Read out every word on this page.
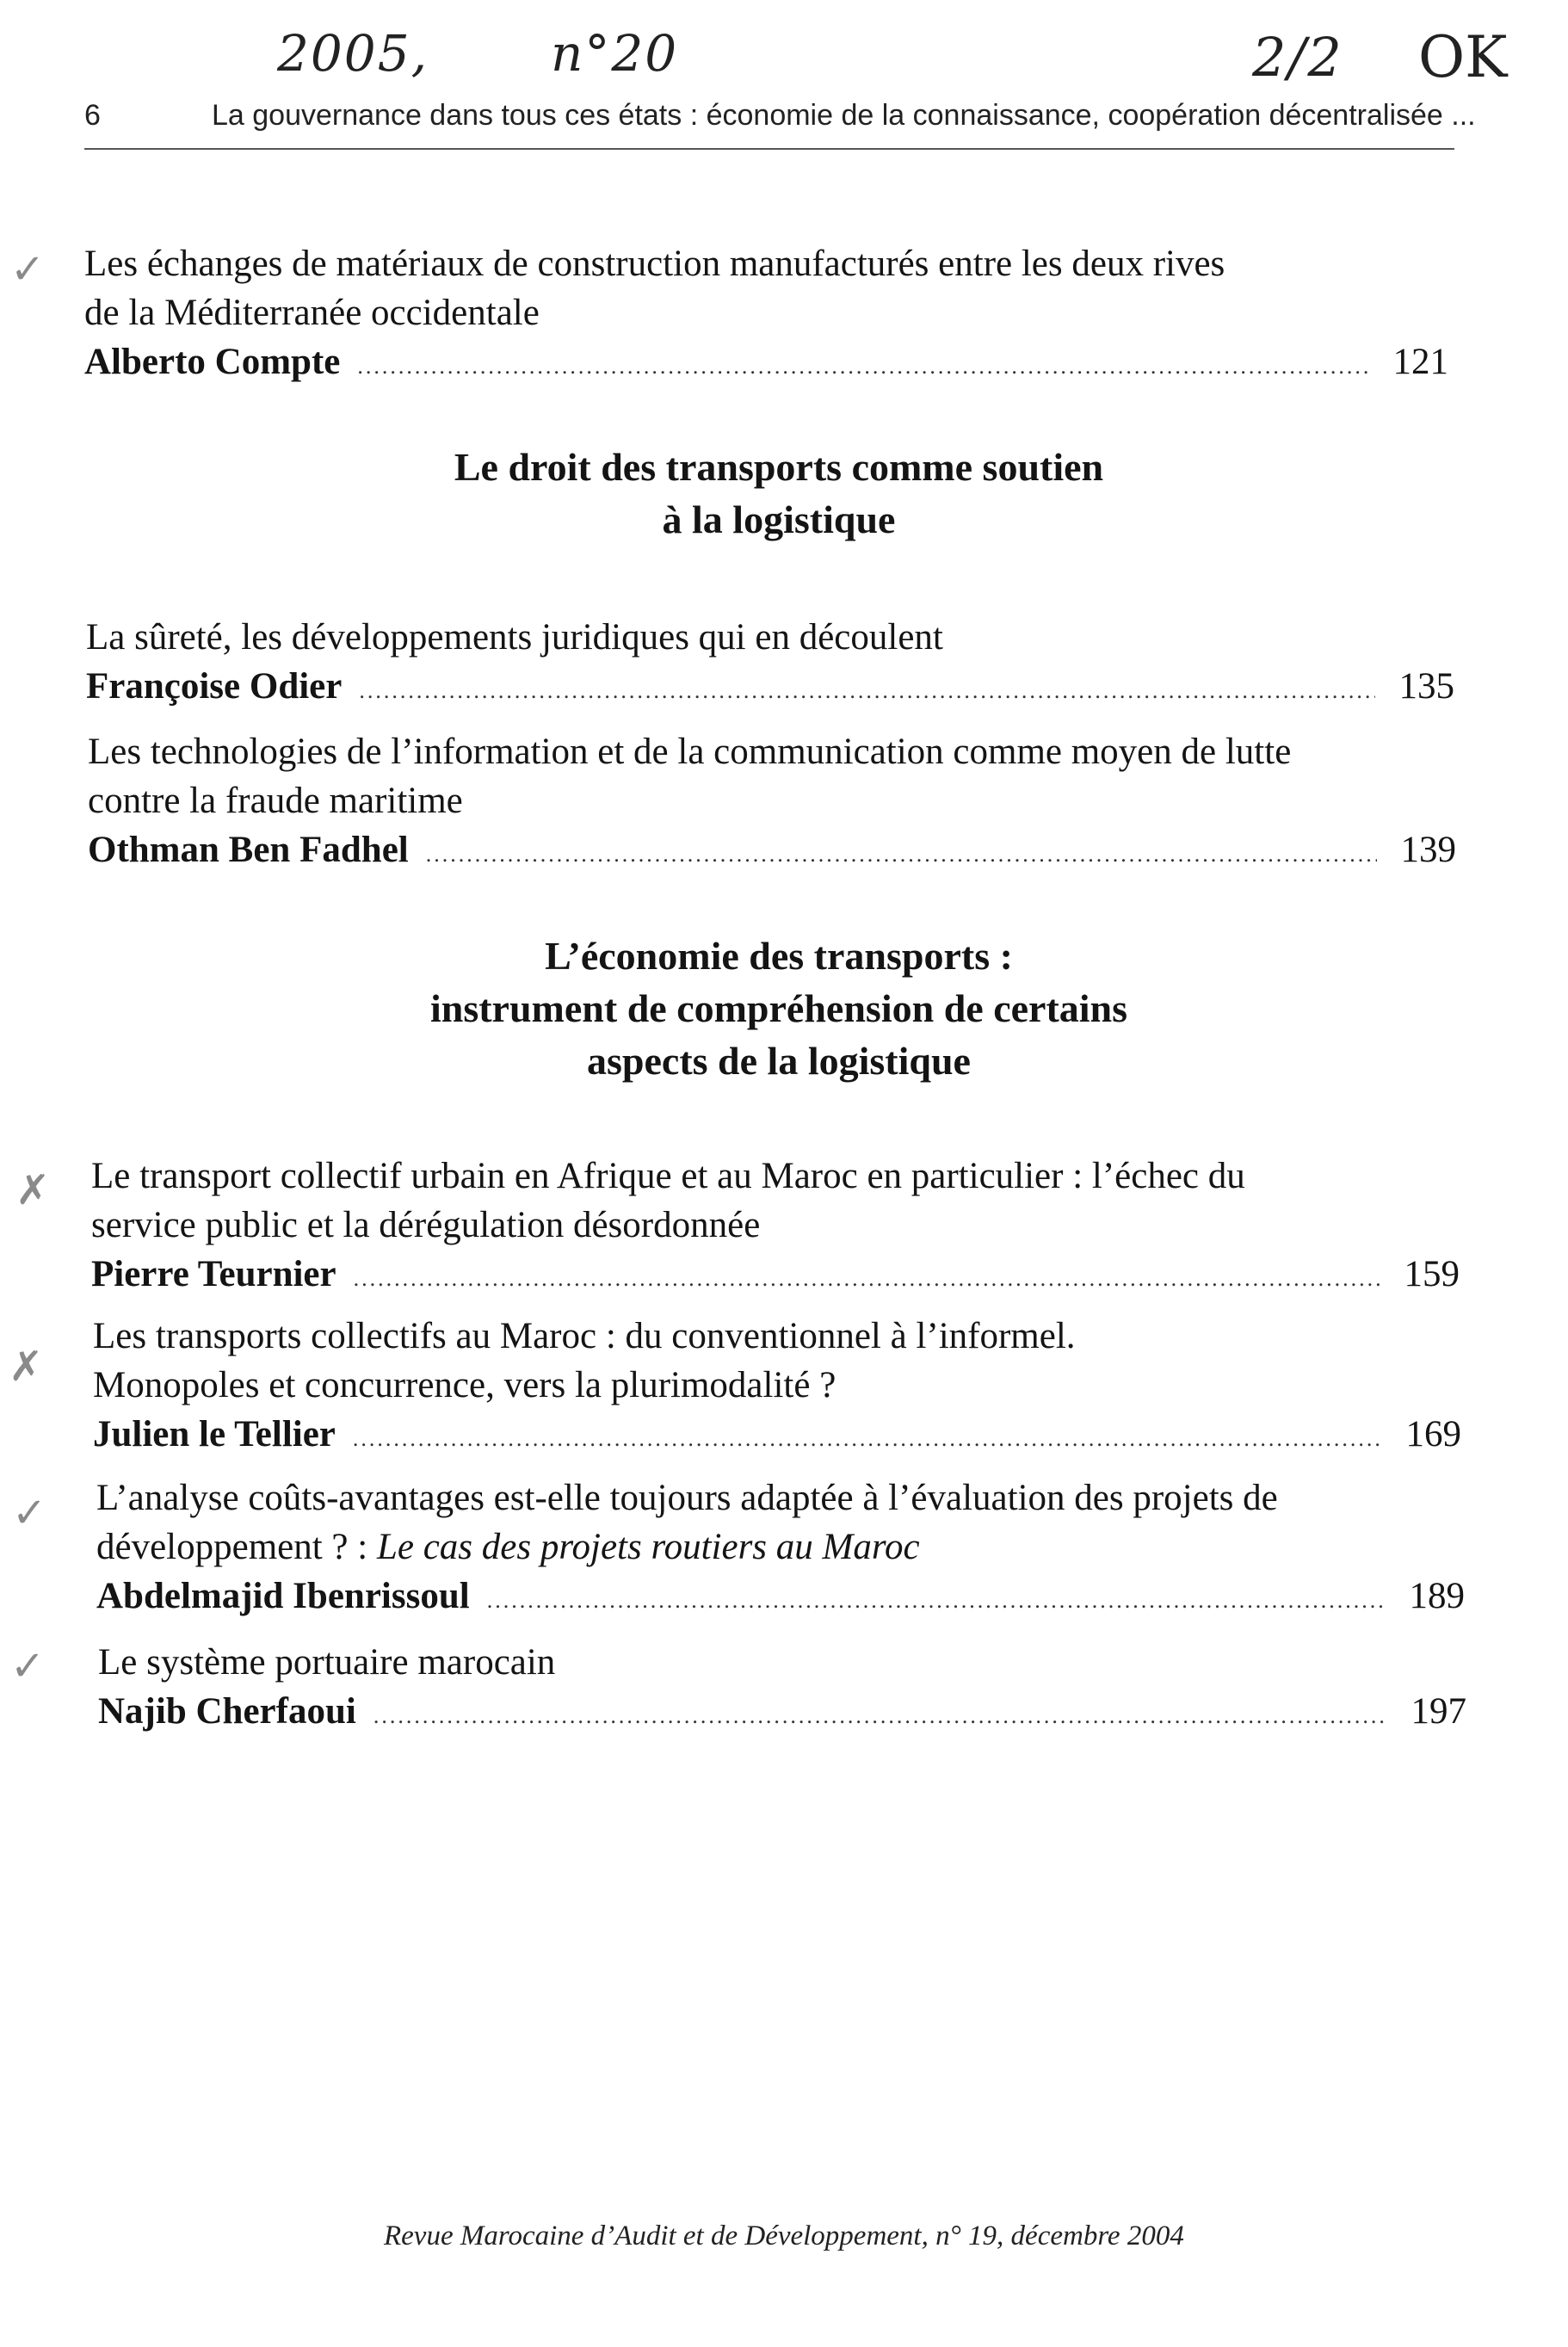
2005, n°20	2/2 OK
6	La gouvernance dans tous ces états : économie de la connaissance, coopération décentralisée ...
✓
✗
✗
✓
✓
Les échanges de matériaux de construction manufacturés entre les deux rives
de la Méditerranée occidentale
Alberto Compte .....	121
Le droit des transports comme soutien
à la logistique
La sûreté, les développements juridiques qui en découlent
Françoise Odier .....	135
Les technologies de l’information et de la communication comme moyen de lutte
contre la fraude maritime
Othman Ben Fadhel .....	139
L’économie des transports :
instrument de compréhension de certains
aspects de la logistique
Le transport collectif urbain en Afrique et au Maroc en particulier : l’échec du
service public et la dérégulation désordonnée
Pierre Teurnier .....	159
Les transports collectifs au Maroc : du conventionnel à l’informel.
Monopoles et concurrence, vers la plurimodalité ?
Julien le Tellier .....	169
L’analyse coûts-avantages est-elle toujours adaptée à l’évaluation des projets de
développement ? : Le cas des projets routiers au Maroc
Abdelmajid Ibenrissoul .....	189
Le système portuaire marocain
Najib Cherfaoui .....	197
Revue Marocaine d’Audit et de Développement, n° 19, décembre 2004
